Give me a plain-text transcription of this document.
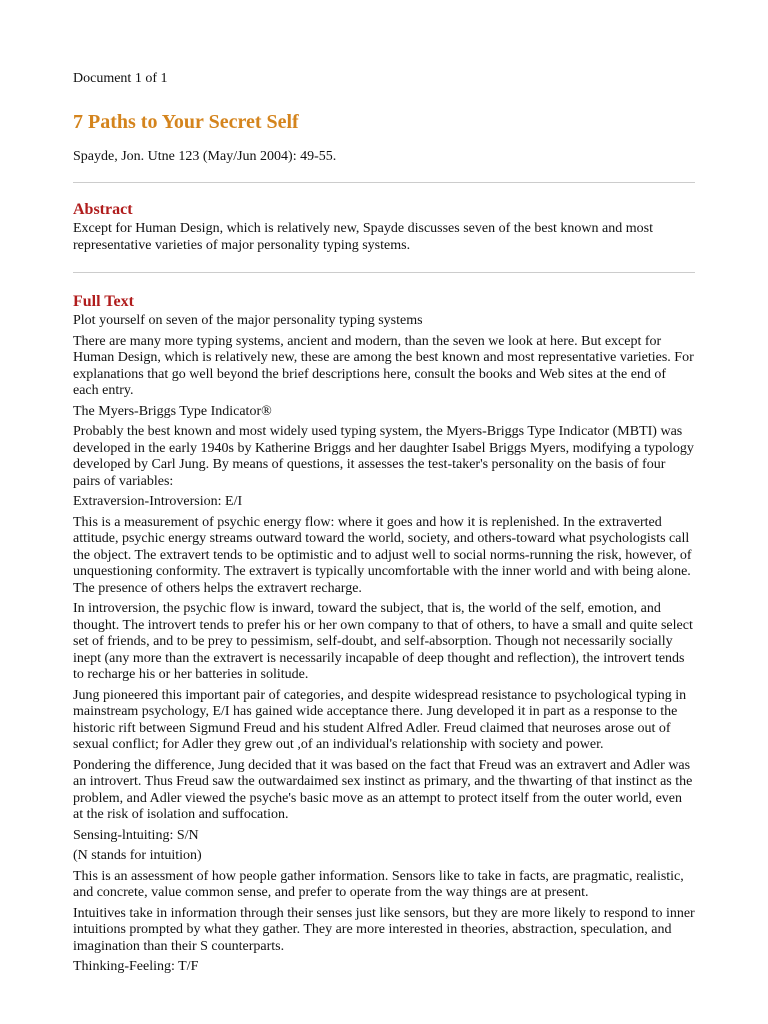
Document 1 of 1

7 Paths to Your Secret Self

Spayde, Jon. Utne 123 (May/Jun 2004): 49-55.

Abstract

Except for Human Design, which is relatively new, Spayde discusses seven of the best known and most representative varieties of major personality typing systems.

Full Text

Plot yourself on seven of the major personality typing systems

There are many more typing systems, ancient and modern, than the seven we look at here. But except for Human Design, which is relatively new, these are among the best known and most representative varieties. For explanations that go well beyond the brief descriptions here, consult the books and Web sites at the end of each entry.

The Myers-Briggs Type Indicator®

Probably the best known and most widely used typing system, the Myers-Briggs Type Indicator (MBTI) was developed in the early 1940s by Katherine Briggs and her daughter Isabel Briggs Myers, modifying a typology developed by Carl Jung. By means of questions, it assesses the test-taker's personality on the basis of four pairs of variables:

Extraversion-Introversion: E/I

This is a measurement of psychic energy flow: where it goes and how it is replenished. In the extraverted attitude, psychic energy streams outward toward the world, society, and others-toward what psychologists call the object. The extravert tends to be optimistic and to adjust well to social norms-running the risk, however, of unquestioning conformity. The extravert is typically uncomfortable with the inner world and with being alone. The presence of others helps the extravert recharge.

In introversion, the psychic flow is inward, toward the subject, that is, the world of the self, emotion, and thought. The introvert tends to prefer his or her own company to that of others, to have a small and quite select set of friends, and to be prey to pessimism, self-doubt, and self-absorption. Though not necessarily socially inept (any more than the extravert is necessarily incapable of deep thought and reflection), the introvert tends to recharge his or her batteries in solitude.

Jung pioneered this important pair of categories, and despite widespread resistance to psychological typing in mainstream psychology, E/I has gained wide acceptance there. Jung developed it in part as a response to the historic rift between Sigmund Freud and his student Alfred Adler. Freud claimed that neuroses arose out of sexual conflict; for Adler they grew out ,of an individual's relationship with society and power.

Pondering the difference, Jung decided that it was based on the fact that Freud was an extravert and Adler was an introvert. Thus Freud saw the outwardaimed sex instinct as primary, and the thwarting of that instinct as the problem, and Adler viewed the psyche's basic move as an attempt to protect itself from the outer world, even at the risk of isolation and suffocation.

Sensing-lntuiting: S/N

(N stands for intuition)

This is an assessment of how people gather information. Sensors like to take in facts, are pragmatic, realistic, and concrete, value common sense, and prefer to operate from the way things are at present.

Intuitives take in information through their senses just like sensors, but they are more likely to respond to inner intuitions prompted by what they gather. They are more interested in theories, abstraction, speculation, and imagination than their S counterparts.

Thinking-Feeling: T/F
